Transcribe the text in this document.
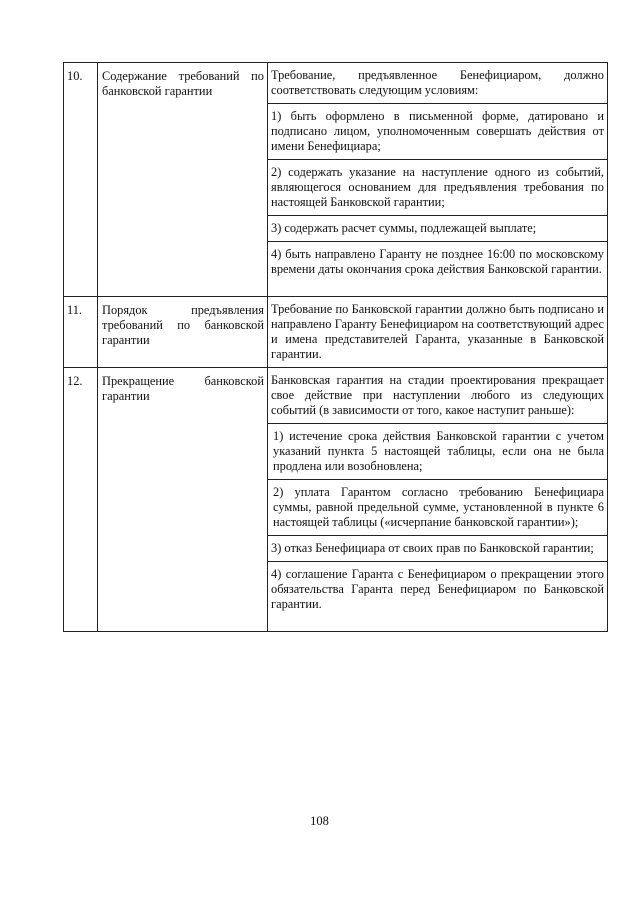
10.	Содержание требований по банковской гарантии	Требование, предъявленное Бенефициаром, должно соответствовать следующим условиям:

1) быть оформлено в письменной форме, датировано и подписано лицом, уполномоченным совершать действия от имени Бенефициара;

2) содержать указание на наступление одного из событий, являющегося основанием для предъявления требования по настоящей Банковской гарантии;

3) содержать расчет суммы, подлежащей выплате;

4) быть направлено Гаранту не позднее 16:00 по московскому времени даты окончания срока действия Банковской гарантии.

11.	Порядок предъявления требований по банковской гарантии	Требование по Банковской гарантии должно быть подписано и направлено Гаранту Бенефициаром на соответствующий адрес и имена представителей Гаранта, указанные в Банковской гарантии.

12.	Прекращение банковской гарантии	Банковская гарантия на стадии проектирования прекращает свое действие при наступлении любого из следующих событий (в зависимости от того, какое наступит раньше):

1) истечение срока действия Банковской гарантии с учетом указаний пункта 5 настоящей таблицы, если она не была продлена или возобновлена;

2) уплата Гарантом согласно требованию Бенефициара суммы, равной предельной сумме, установленной в пункте 6 настоящей таблицы («исчерпание банковской гарантии»);

3) отказ Бенефициара от своих прав по Банковской гарантии;

4) соглашение Гаранта с Бенефициаром о прекращении этого обязательства Гаранта перед Бенефициаром по Банковской гарантии.

108
